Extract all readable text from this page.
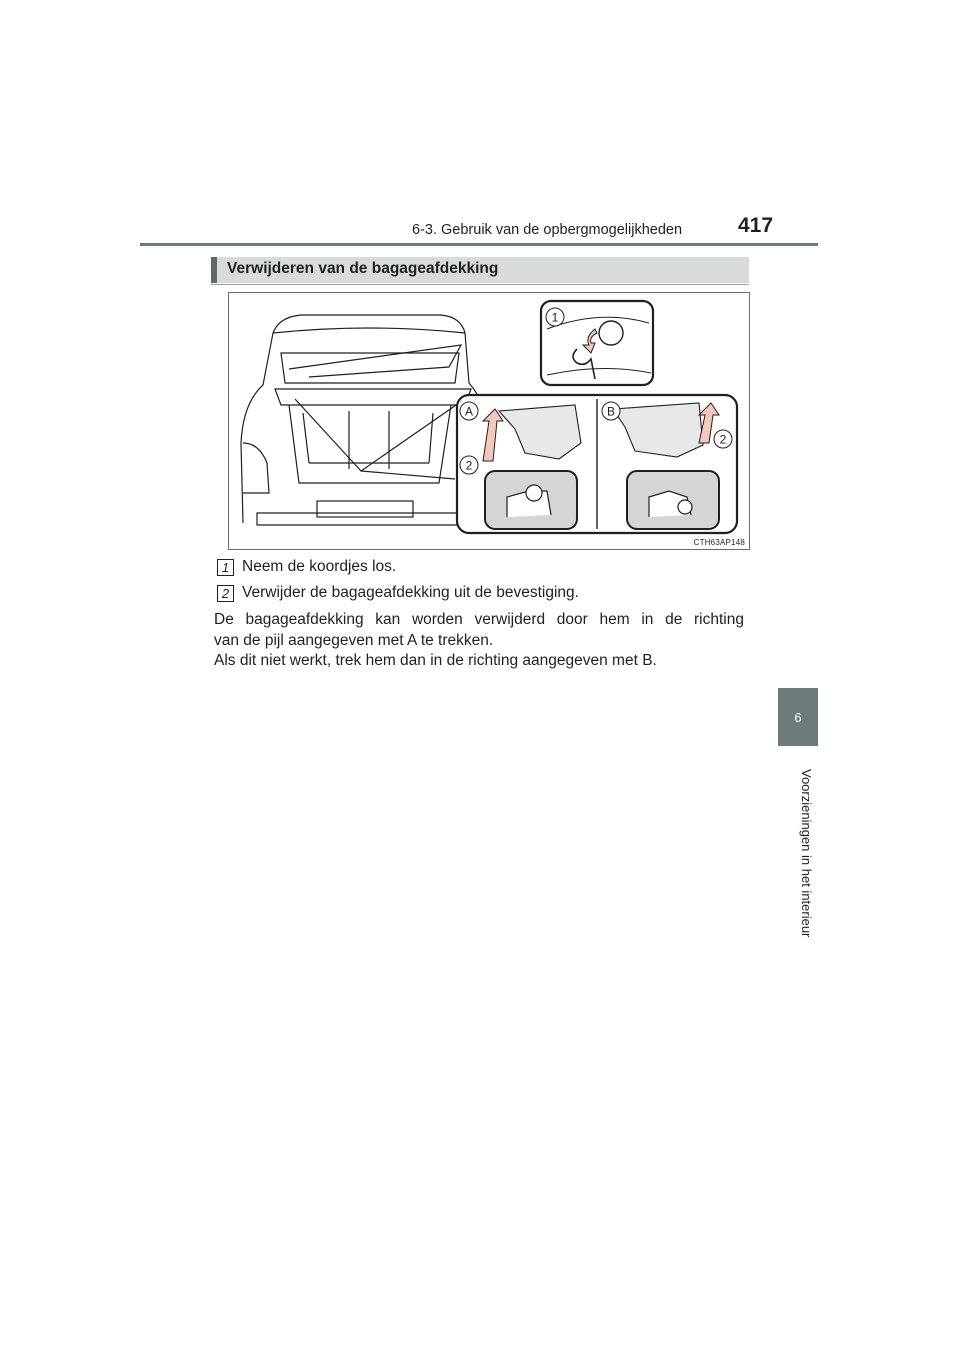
6-3. Gebruik van de opbergmogelijkheden	417
6
Voorzieningen in het interieur
Verwijderen van de bagageafdekking
1
A	B
2
2
CTH63AP148
1 Neem de koordjes los.
2 Verwijder de bagageafdekking uit de bevestiging.
De bagageafdekking kan worden verwijderd door hem in de richting
van de pijl aangegeven met A te trekken.
Als dit niet werkt, trek hem dan in de richting aangegeven met B.
